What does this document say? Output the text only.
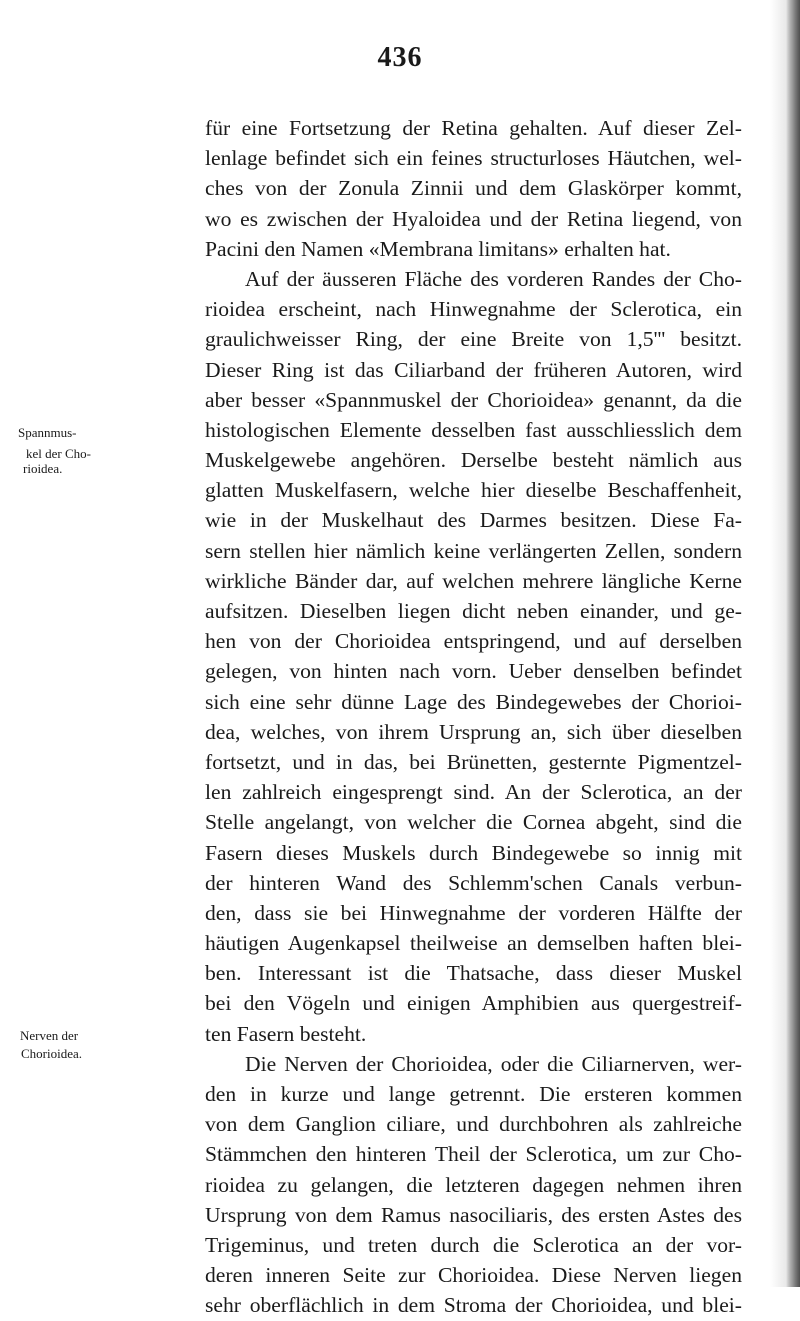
436
Spannmus-
kel der Cho-
rioidea.
Nerven der
Chorioidea.
für eine Fortsetzung der Retina gehalten. Auf dieser Zel-
lenlage befindet sich ein feines structurloses Häutchen, wel-
ches von der Zonula Zinnii und dem Glaskörper kommt,
wo es zwischen der Hyaloidea und der Retina liegend, von
Pacini den Namen «Membrana limitans» erhalten hat.
Auf der äusseren Fläche des vorderen Randes der Cho-
rioidea erscheint, nach Hinwegnahme der Sclerotica, ein
graulichweisser Ring, der eine Breite von 1,5''' besitzt.
Dieser Ring ist das Ciliarband der früheren Autoren, wird
aber besser «Spannmuskel der Chorioidea» genannt, da die
histologischen Elemente desselben fast ausschliesslich dem
Muskelgewebe angehören. Derselbe besteht nämlich aus
glatten Muskelfasern, welche hier dieselbe Beschaffenheit,
wie in der Muskelhaut des Darmes besitzen. Diese Fa-
sern stellen hier nämlich keine verlängerten Zellen, sondern
wirkliche Bänder dar, auf welchen mehrere längliche Kerne
aufsitzen. Dieselben liegen dicht neben einander, und ge-
hen von der Chorioidea entspringend, und auf derselben
gelegen, von hinten nach vorn. Ueber denselben befindet
sich eine sehr dünne Lage des Bindegewebes der Chorioi-
dea, welches, von ihrem Ursprung an, sich über dieselben
fortsetzt, und in das, bei Brünetten, gesternte Pigmentzel-
len zahlreich eingesprengt sind. An der Sclerotica, an der
Stelle angelangt, von welcher die Cornea abgeht, sind die
Fasern dieses Muskels durch Bindegewebe so innig mit
der hinteren Wand des Schlemm'schen Canals verbun-
den, dass sie bei Hinwegnahme der vorderen Hälfte der
häutigen Augenkapsel theilweise an demselben haften blei-
ben. Interessant ist die Thatsache, dass dieser Muskel
bei den Vögeln und einigen Amphibien aus quergestreif-
ten Fasern besteht.
Die Nerven der Chorioidea, oder die Ciliarnerven, wer-
den in kurze und lange getrennt. Die ersteren kommen
von dem Ganglion ciliare, und durchbohren als zahlreiche
Stämmchen den hinteren Theil der Sclerotica, um zur Cho-
rioidea zu gelangen, die letzteren dagegen nehmen ihren
Ursprung von dem Ramus nasociliaris, des ersten Astes des
Trigeminus, und treten durch die Sclerotica an der vor-
deren inneren Seite zur Chorioidea. Diese Nerven liegen
sehr oberflächlich in dem Stroma der Chorioidea, und blei-
